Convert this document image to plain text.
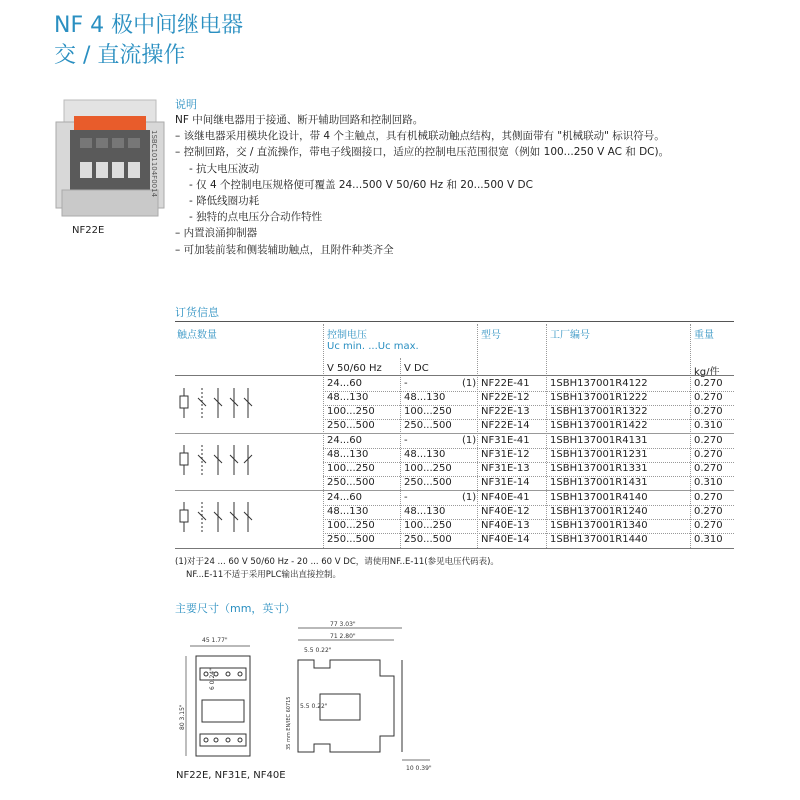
NF 4 极中间继电器
交 / 直流操作
1SBC101104F0014
NF22E
说明
NF 中间继电器用于接通、断开辅助回路和控制回路。
– 该继电器采用模块化设计，带 4 个主触点，具有机械联动触点结构，其侧面带有 "机械联动" 标识符号。
– 控制回路，交 / 直流操作，带电子线圈接口，适应的控制电压范围很宽（例如 100...250 V AC 和 DC)。
- 抗大电压波动
- 仅 4 个控制电压规格便可覆盖 24...500 V 50/60 Hz 和 20...500 V DC
- 降低线圈功耗
- 独特的点电压分合动作特性
– 内置浪涌抑制器
– 可加装前装和侧装辅助触点，且附件种类齐全
订货信息
触点数量	控制电压
Uc min. ...Uc max.
型号	工厂编号	重量
V 50/60 Hz V DC	kg/件
24...60	-	(1) NF22E-41 1SBH137001R4122	0.270
48...130	48...130	NF22E-12 1SBH137001R1222	0.270
100...250	100...250	NF22E-13 1SBH137001R1322	0.270
250...500	250...500	NF22E-14 1SBH137001R1422	0.310
24...60	-	(1) NF31E-41 1SBH137001R4131	0.270
48...130	48...130	NF31E-12 1SBH137001R1231	0.270
100...250	100...250	NF31E-13 1SBH137001R1331	0.270
250...500	250...500	NF31E-14 1SBH137001R1431	0.310
24...60	-	(1) NF40E-41 1SBH137001R4140	0.270
48...130	48...130	NF40E-12 1SBH137001R1240	0.270
100...250	100...250	NF40E-13 1SBH137001R1340	0.270
250...500	250...500	NF40E-14 1SBH137001R1440	0.310
(1)对于24 ... 60 V 50/60 Hz - 20 ... 60 V DC，请使用NF..E-11(参见电压代码表)。
NF...E-11不适于采用PLC输出直接控制。
主要尺寸（mm，英寸）
45 1.77"
80 3.15"
6 0.24"
77 3.03"
71 2.80"
5.5 0.22"
5.5 0.22"
35 mm EN/IEC 60715
10 0.39"
NF22E, NF31E, NF40E
